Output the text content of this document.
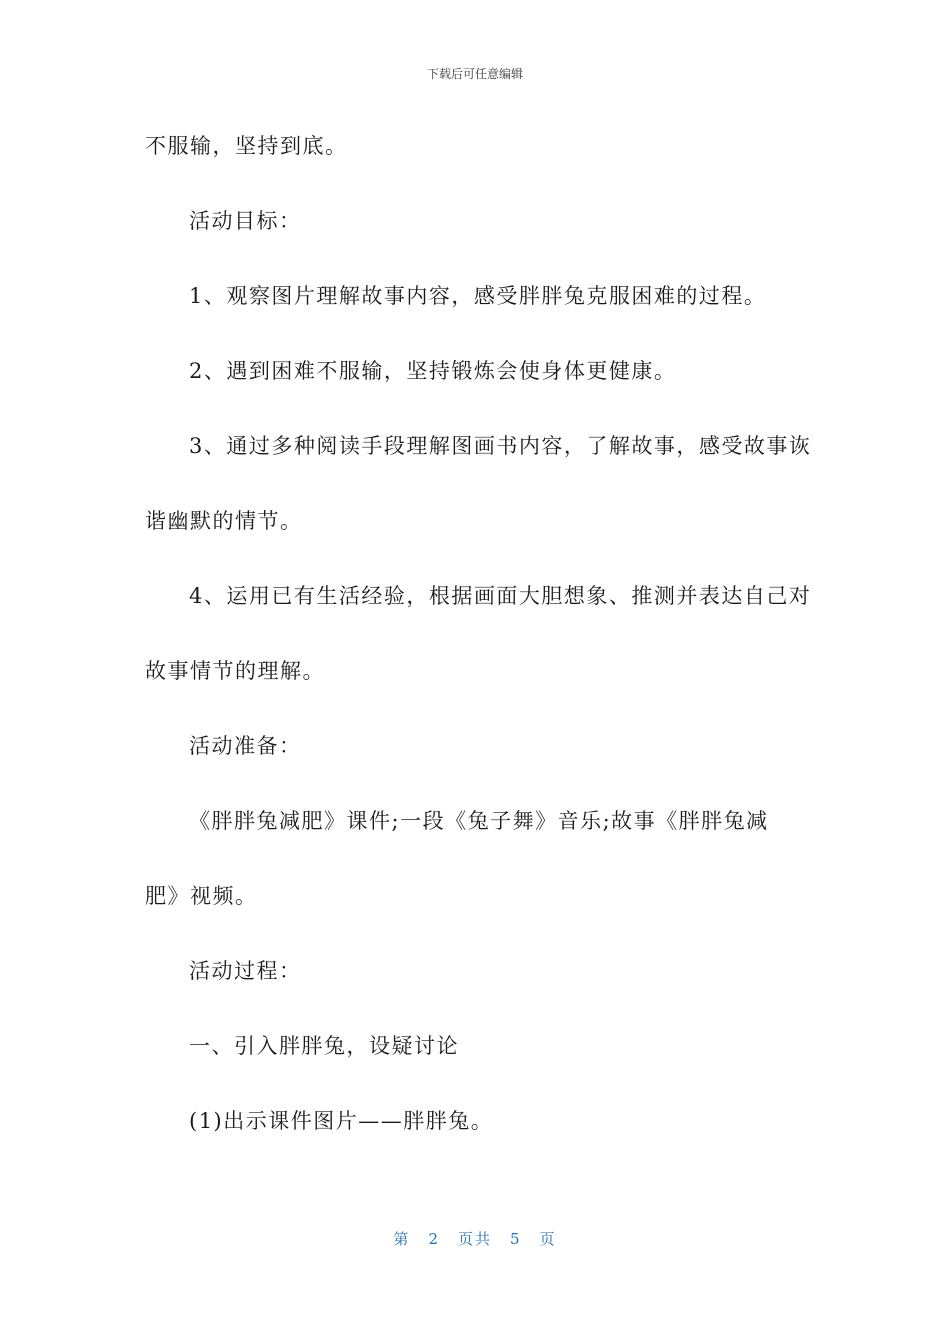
下载后可任意编辑
不服输，坚持到底。
活动目标：
1、观察图片理解故事内容，感受胖胖兔克服困难的过程。
2、遇到困难不服输，坚持锻炼会使身体更健康。
3、通过多种阅读手段理解图画书内容，了解故事，感受故事诙
谐幽默的情节。
4、运用已有生活经验，根据画面大胆想象、推测并表达自己对
故事情节的理解。
活动准备：
《胖胖兔减肥》课件;一段《兔子舞》音乐;故事《胖胖兔减
肥》视频。
活动过程：
一、引入胖胖兔，设疑讨论
(1)出示课件图片——胖胖兔。
第 2 页共 5 页
